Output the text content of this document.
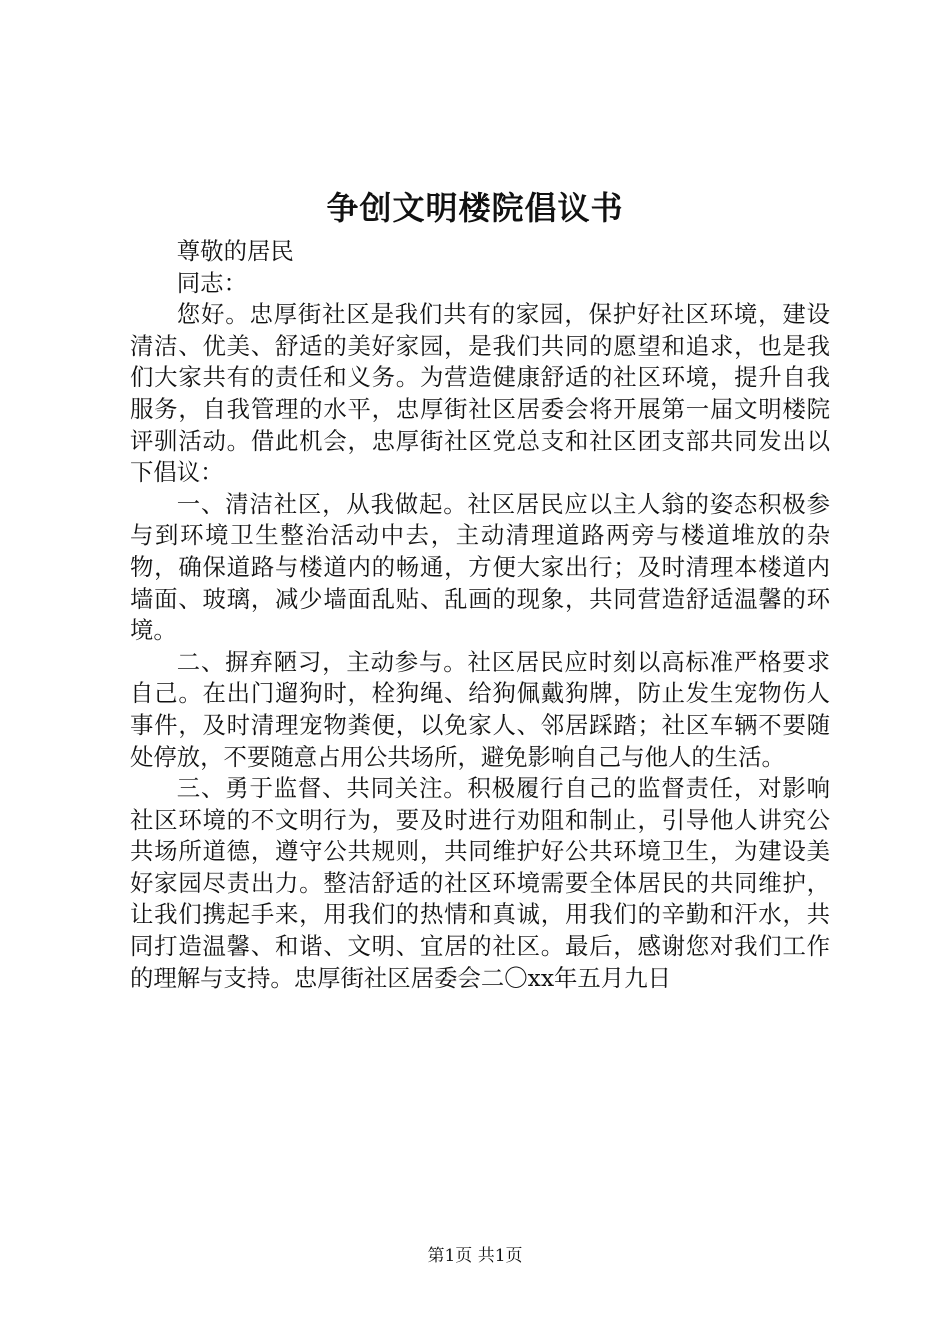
争创文明楼院倡议书

尊敬的居民

同志：

您好。忠厚街社区是我们共有的家园，保护好社区环境，建设清洁、优美、舒适的美好家园，是我们共同的愿望和追求，也是我们大家共有的责任和义务。为营造健康舒适的社区环境，提升自我服务，自我管理的水平，忠厚街社区居委会将开展第一届文明楼院评驯活动。借此机会，忠厚街社区党总支和社区团支部共同发出以下倡议：

一、清洁社区，从我做起。社区居民应以主人翁的姿态积极参与到环境卫生整治活动中去，主动清理道路两旁与楼道堆放的杂物，确保道路与楼道内的畅通，方便大家出行；及时清理本楼道内墙面、玻璃，减少墙面乱贴、乱画的现象，共同营造舒适温馨的环境。

二、摒弃陋习，主动参与。社区居民应时刻以高标准严格要求自己。在出门遛狗时，栓狗绳、给狗佩戴狗牌，防止发生宠物伤人事件，及时清理宠物粪便，以免家人、邻居踩踏；社区车辆不要随处停放，不要随意占用公共场所，避免影响自己与他人的生活。

三、勇于监督、共同关注。积极履行自己的监督责任，对影响社区环境的不文明行为，要及时进行劝阻和制止，引导他人讲究公共场所道德，遵守公共规则，共同维护好公共环境卫生，为建设美好家园尽责出力。整洁舒适的社区环境需要全体居民的共同维护，让我们携起手来，用我们的热情和真诚，用我们的辛勤和汗水，共同打造温馨、和谐、文明、宜居的社区。最后，感谢您对我们工作的理解与支持。忠厚街社区居委会二〇xx年五月九日

第1页 共1页
